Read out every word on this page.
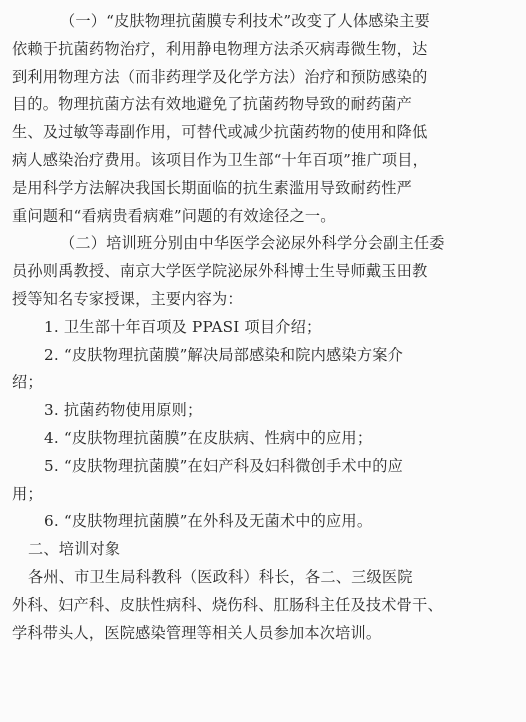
（一）“皮肤物理抗菌膜专利技术”改变了人体感染主要
依赖于抗菌药物治疗，利用静电物理方法杀灭病毒微生物，达
到利用物理方法（而非药理学及化学方法）治疗和预防感染的
目的。物理抗菌方法有效地避免了抗菌药物导致的耐药菌产
生、及过敏等毒副作用，可替代或减少抗菌药物的使用和降低
病人感染治疗费用。该项目作为卫生部“十年百项”推广项目，
是用科学方法解决我国长期面临的抗生素滥用导致耐药性严
重问题和“看病贵看病难”问题的有效途径之一。
（二）培训班分别由中华医学会泌尿外科学分会副主任委
员孙则禹教授、南京大学医学院泌尿外科博士生导师戴玉田教
授等知名专家授课，主要内容为：
1. 卫生部十年百项及 PPASI 项目介绍；
2. “皮肤物理抗菌膜”解决局部感染和院内感染方案介
绍；
3. 抗菌药物使用原则；
4. “皮肤物理抗菌膜”在皮肤病、性病中的应用；
5. “皮肤物理抗菌膜”在妇产科及妇科微创手术中的应
用；
6. “皮肤物理抗菌膜”在外科及无菌术中的应用。
二、培训对象
各州、市卫生局科教科（医政科）科长，各二、三级医院
外科、妇产科、皮肤性病科、烧伤科、肛肠科主任及技术骨干、
学科带头人，医院感染管理等相关人员参加本次培训。
